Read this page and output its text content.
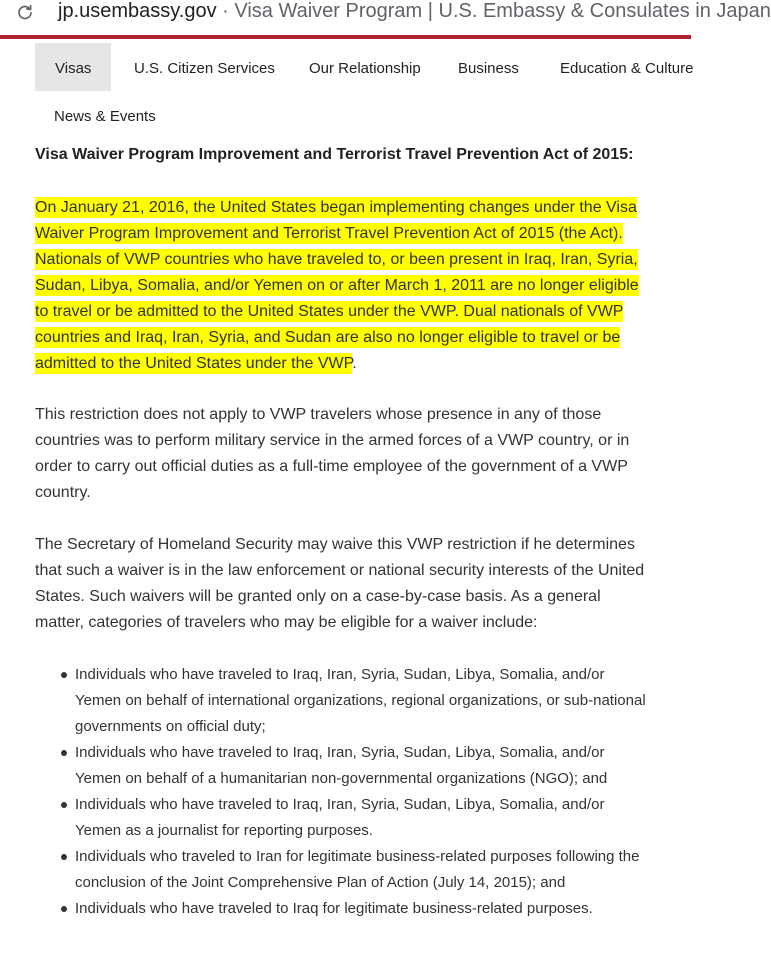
jp.usembassy.gov · Visa Waiver Program | U.S. Embassy & Consulates in Japan
Visas	U.S. Citizen Services	Our Relationship	Business	Education & Culture
News & Events
Visa Waiver Program Improvement and Terrorist Travel Prevention Act of 2015:

On January 21, 2016, the United States began implementing changes under the Visa Waiver Program Improvement and Terrorist Travel Prevention Act of 2015 (the Act). Nationals of VWP countries who have traveled to, or been present in Iraq, Iran, Syria, Sudan, Libya, Somalia, and/or Yemen on or after March 1, 2011 are no longer eligible to travel or be admitted to the United States under the VWP. Dual nationals of VWP countries and Iraq, Iran, Syria, and Sudan are also no longer eligible to travel or be admitted to the United States under the VWP.

This restriction does not apply to VWP travelers whose presence in any of those countries was to perform military service in the armed forces of a VWP country, or in order to carry out official duties as a full-time employee of the government of a VWP country.

The Secretary of Homeland Security may waive this VWP restriction if he determines that such a waiver is in the law enforcement or national security interests of the United States. Such waivers will be granted only on a case-by-case basis. As a general matter, categories of travelers who may be eligible for a waiver include:

Individuals who have traveled to Iraq, Iran, Syria, Sudan, Libya, Somalia, and/or Yemen on behalf of international organizations, regional organizations, or sub-national governments on official duty;
Individuals who have traveled to Iraq, Iran, Syria, Sudan, Libya, Somalia, and/or Yemen on behalf of a humanitarian non-governmental organizations (NGO); and
Individuals who have traveled to Iraq, Iran, Syria, Sudan, Libya, Somalia, and/or Yemen as a journalist for reporting purposes.
Individuals who traveled to Iran for legitimate business-related purposes following the conclusion of the Joint Comprehensive Plan of Action (July 14, 2015); and
Individuals who have traveled to Iraq for legitimate business-related purposes.
